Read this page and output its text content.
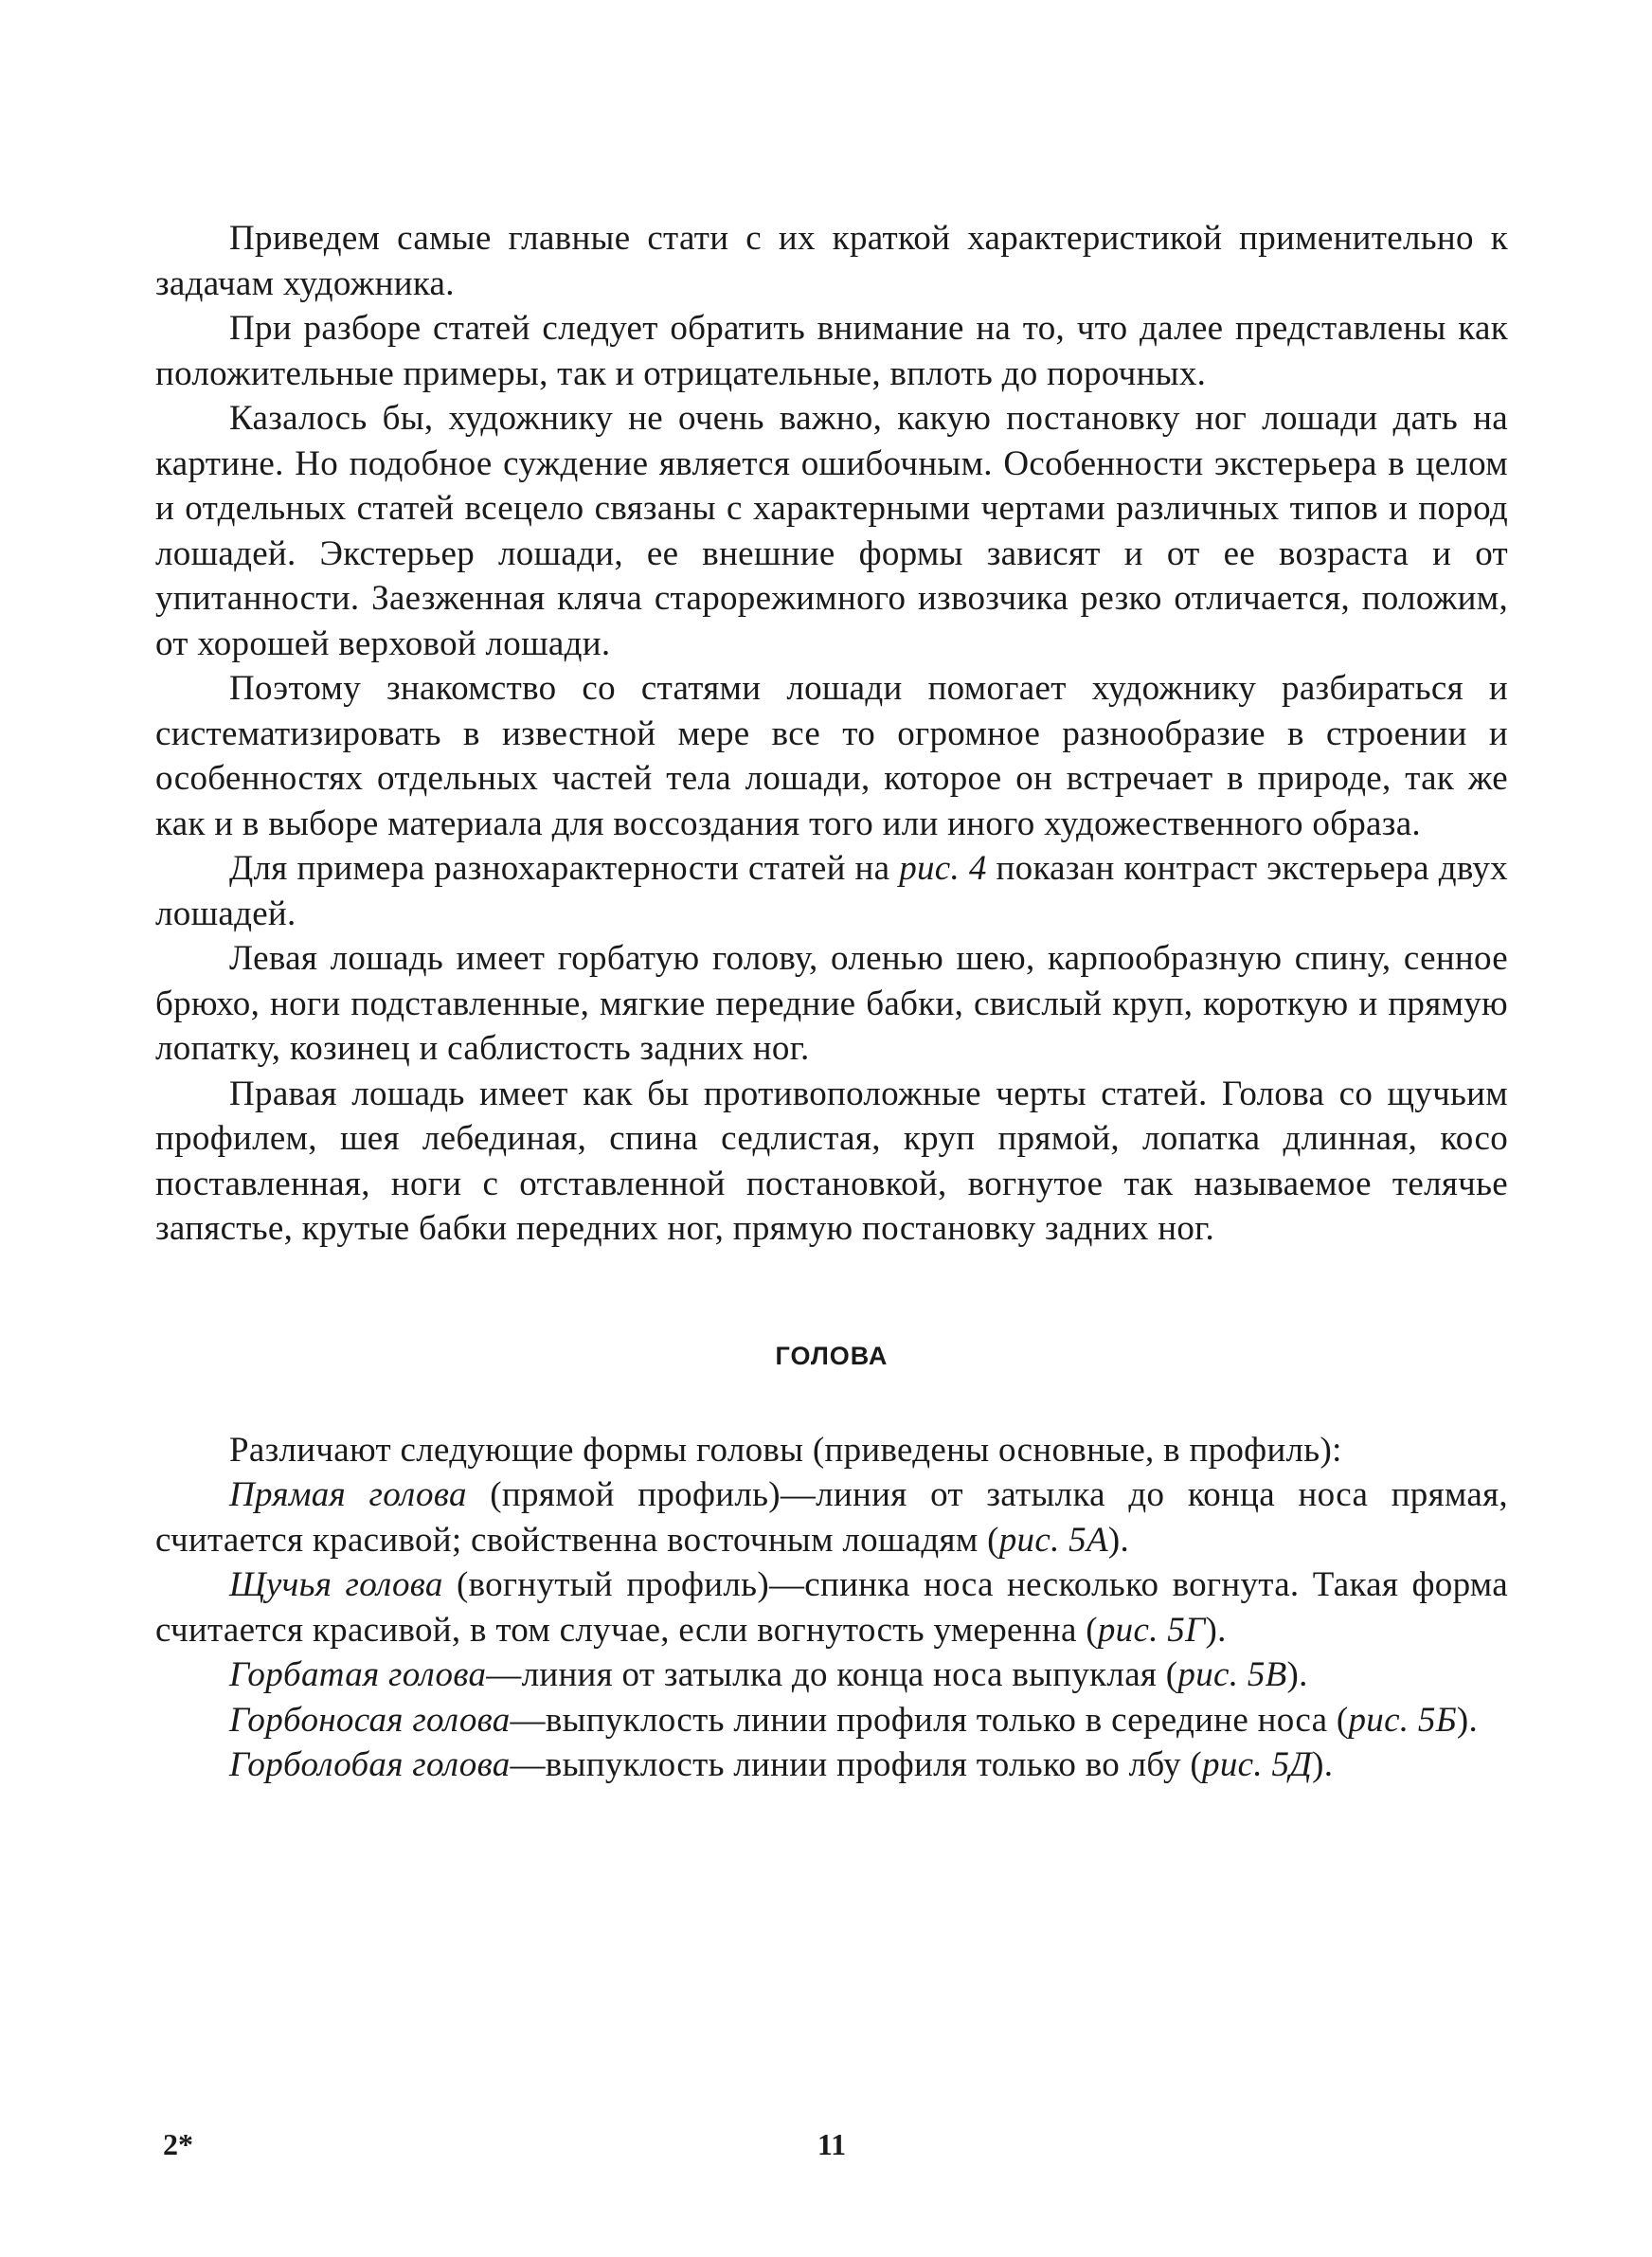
Приведем самые главные стати с их краткой характеристикой применительно к задачам художника.

При разборе статей следует обратить внимание на то, что далее представлены как положительные примеры, так и отрицательные, вплоть до порочных.

Казалось бы, художнику не очень важно, какую постановку ног лошади дать на картине. Но подобное суждение является ошибочным. Особенности экстерьера в целом и отдельных статей всецело связаны с характерными чертами различных типов и пород лошадей. Экстерьер лошади, ее внешние формы зависят и от ее возраста и от упитанности. Заезженная кляча старорежимного извозчика резко отличается, положим, от хорошей верховой лошади.

Поэтому знакомство со статями лошади помогает художнику разбираться и систематизировать в известной мере все то огромное разнообразие в строении и особенностях отдельных частей тела лошади, которое он встречает в природе, так же как и в выборе материала для воссоздания того или иного художественного образа.

Для примера разнохарактерности статей на рис. 4 показан контраст экстерьера двух лошадей.

Левая лошадь имеет горбатую голову, оленью шею, карпообразную спину, сенное брюхо, ноги подставленные, мягкие передние бабки, свислый круп, короткую и прямую лопатку, козинец и саблистость задних ног.

Правая лошадь имеет как бы противоположные черты статей. Голова со щучьим профилем, шея лебединая, спина седлистая, круп прямой, лопатка длинная, косо поставленная, ноги с отставленной постановкой, вогнутое так называемое телячье запястье, крутые бабки передних ног, прямую постановку задних ног.

ГОЛОВА

Различают следующие формы головы (приведены основные, в профиль):

Прямая голова (прямой профиль)—линия от затылка до конца носа прямая, считается красивой; свойственна восточным лошадям (рис. 5А).

Щучья голова (вогнутый профиль)—спинка носа несколько вогнута. Такая форма считается красивой, в том случае, если вогнутость умеренна (рис. 5Г).

Горбатая голова—линия от затылка до конца носа выпуклая (рис. 5В).

Горбоносая голова—выпуклость линии профиля только в середине носа (рис. 5Б).

Горболобая голова—выпуклость линии профиля только во лбу (рис. 5Д).

2*	11
